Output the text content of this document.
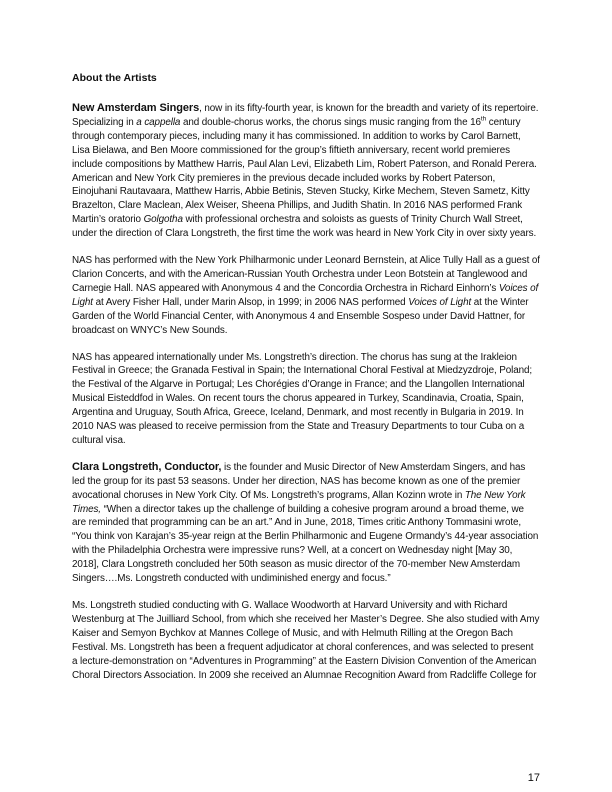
About the Artists

New Amsterdam Singers, now in its fifty-fourth year, is known for the breadth and variety of its repertoire. Specializing in a cappella and double-chorus works, the chorus sings music ranging from the 16th century through contemporary pieces, including many it has commissioned. In addition to works by Carol Barnett, Lisa Bielawa, and Ben Moore commissioned for the group’s fiftieth anniversary, recent world premieres include compositions by Matthew Harris, Paul Alan Levi, Elizabeth Lim, Robert Paterson, and Ronald Perera. American and New York City premieres in the previous decade included works by Robert Paterson, Einojuhani Rautavaara, Matthew Harris, Abbie Betinis, Steven Stucky, Kirke Mechem, Steven Sametz, Kitty Brazelton, Clare Maclean, Alex Weiser, Sheena Phillips, and Judith Shatin. In 2016 NAS performed Frank Martin’s oratorio Golgotha with professional orchestra and soloists as guests of Trinity Church Wall Street, under the direction of Clara Longstreth, the first time the work was heard in New York City in over sixty years.

NAS has performed with the New York Philharmonic under Leonard Bernstein, at Alice Tully Hall as a guest of Clarion Concerts, and with the American-Russian Youth Orchestra under Leon Botstein at Tanglewood and Carnegie Hall. NAS appeared with Anonymous 4 and the Concordia Orchestra in Richard Einhorn’s Voices of Light at Avery Fisher Hall, under Marin Alsop, in 1999; in 2006 NAS performed Voices of Light at the Winter Garden of the World Financial Center, with Anonymous 4 and Ensemble Sospeso under David Hattner, for broadcast on WNYC’s New Sounds.

NAS has appeared internationally under Ms. Longstreth’s direction. The chorus has sung at the Irakleion Festival in Greece; the Granada Festival in Spain; the International Choral Festival at Miedzyzdroje, Poland; the Festival of the Algarve in Portugal; Les Chorégies d’Orange in France; and the Llangollen International Musical Eisteddfod in Wales. On recent tours the chorus appeared in Turkey, Scandinavia, Croatia, Spain, Argentina and Uruguay, South Africa, Greece, Iceland, Denmark, and most recently in Bulgaria in 2019. In 2010 NAS was pleased to receive permission from the State and Treasury Departments to tour Cuba on a cultural visa.

Clara Longstreth, Conductor, is the founder and Music Director of New Amsterdam Singers, and has led the group for its past 53 seasons. Under her direction, NAS has become known as one of the premier avocational choruses in New York City. Of Ms. Longstreth’s programs, Allan Kozinn wrote in The New York Times, “When a director takes up the challenge of building a cohesive program around a broad theme, we are reminded that programming can be an art.” And in June, 2018, Times critic Anthony Tommasini wrote, “You think von Karajan’s 35-year reign at the Berlin Philharmonic and Eugene Ormandy’s 44-year association with the Philadelphia Orchestra were impressive runs? Well, at a concert on Wednesday night [May 30, 2018], Clara Longstreth concluded her 50th season as music director of the 70-member New Amsterdam Singers….Ms. Longstreth conducted with undiminished energy and focus.”

Ms. Longstreth studied conducting with G. Wallace Woodworth at Harvard University and with Richard Westenburg at The Juilliard School, from which she received her Master’s Degree. She also studied with Amy Kaiser and Semyon Bychkov at Mannes College of Music, and with Helmuth Rilling at the Oregon Bach Festival. Ms. Longstreth has been a frequent adjudicator at choral conferences, and was selected to present a lecture-demonstration on “Adventures in Programming” at the Eastern Division Convention of the American Choral Directors Association. In 2009 she received an Alumnae Recognition Award from Radcliffe College for

17
